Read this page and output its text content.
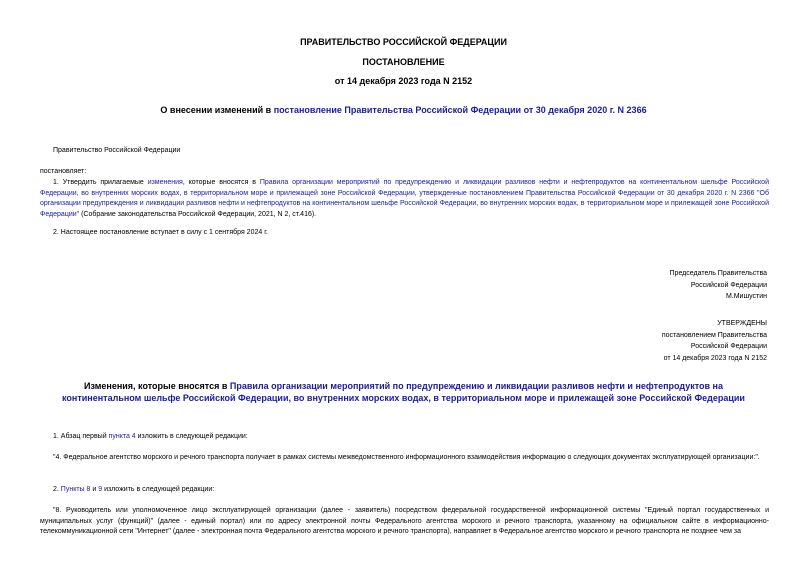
ПРАВИТЕЛЬСТВО РОССИЙСКОЙ ФЕДЕРАЦИИ
ПОСТАНОВЛЕНИЕ
от 14 декабря 2023 года N 2152
О внесении изменений в постановление Правительства Российской Федерации от 30 декабря 2020 г. N 2366
Правительство Российской Федерации
постановляет:
1. Утвердить прилагаемые изменения, которые вносятся в Правила организации мероприятий по предупреждению и ликвидации разливов нефти и нефтепродуктов на континентальном шельфе Российской Федерации, во внутренних морских водах, в территориальном море и прилежащей зоне Российской Федерации, утвержденные постановлением Правительства Российской Федерации от 30 декабря 2020 г. N 2366 "Об организации предупреждения и ликвидации разливов нефти и нефтепродуктов на континентальном шельфе Российской Федерации, во внутренних морских водах, в территориальном море и прилежащей зоне Российской Федерации" (Собрание законодательства Российской Федерации, 2021, N 2, ст.416).
2. Настоящее постановление вступает в силу с 1 сентября 2024 г.
Председатель Правительства
Российской Федерации
М.Мишустин
УТВЕРЖДЕНЫ
постановлением Правительства
Российской Федерации
от 14 декабря 2023 года N 2152
Изменения, которые вносятся в Правила организации мероприятий по предупреждению и ликвидации разливов нефти и нефтепродуктов на континентальном шельфе Российской Федерации, во внутренних морских водах, в территориальном море и прилежащей зоне Российской Федерации
1. Абзац первый пункта 4 изложить в следующей редакции:
"4. Федеральное агентство морского и речного транспорта получает в рамках системы межведомственного информационного взаимодействия информацию о следующих документах эксплуатирующей организации:".
2. Пункты 8 и 9 изложить в следующей редакции:
"8. Руководитель или уполномоченное лицо эксплуатирующей организации (далее - заявитель) посредством федеральной государственной информационной системы "Единый портал государственных и муниципальных услуг (функций)" (далее - единый портал) или по адресу электронной почты Федерального агентства морского и речного транспорта, указанному на официальном сайте в информационно-телекоммуникационной сети "Интернет" (далее - электронная почта Федерального агентства морского и речного транспорта), направляет в Федеральное агентство морского и речного транспорта не позднее чем за
